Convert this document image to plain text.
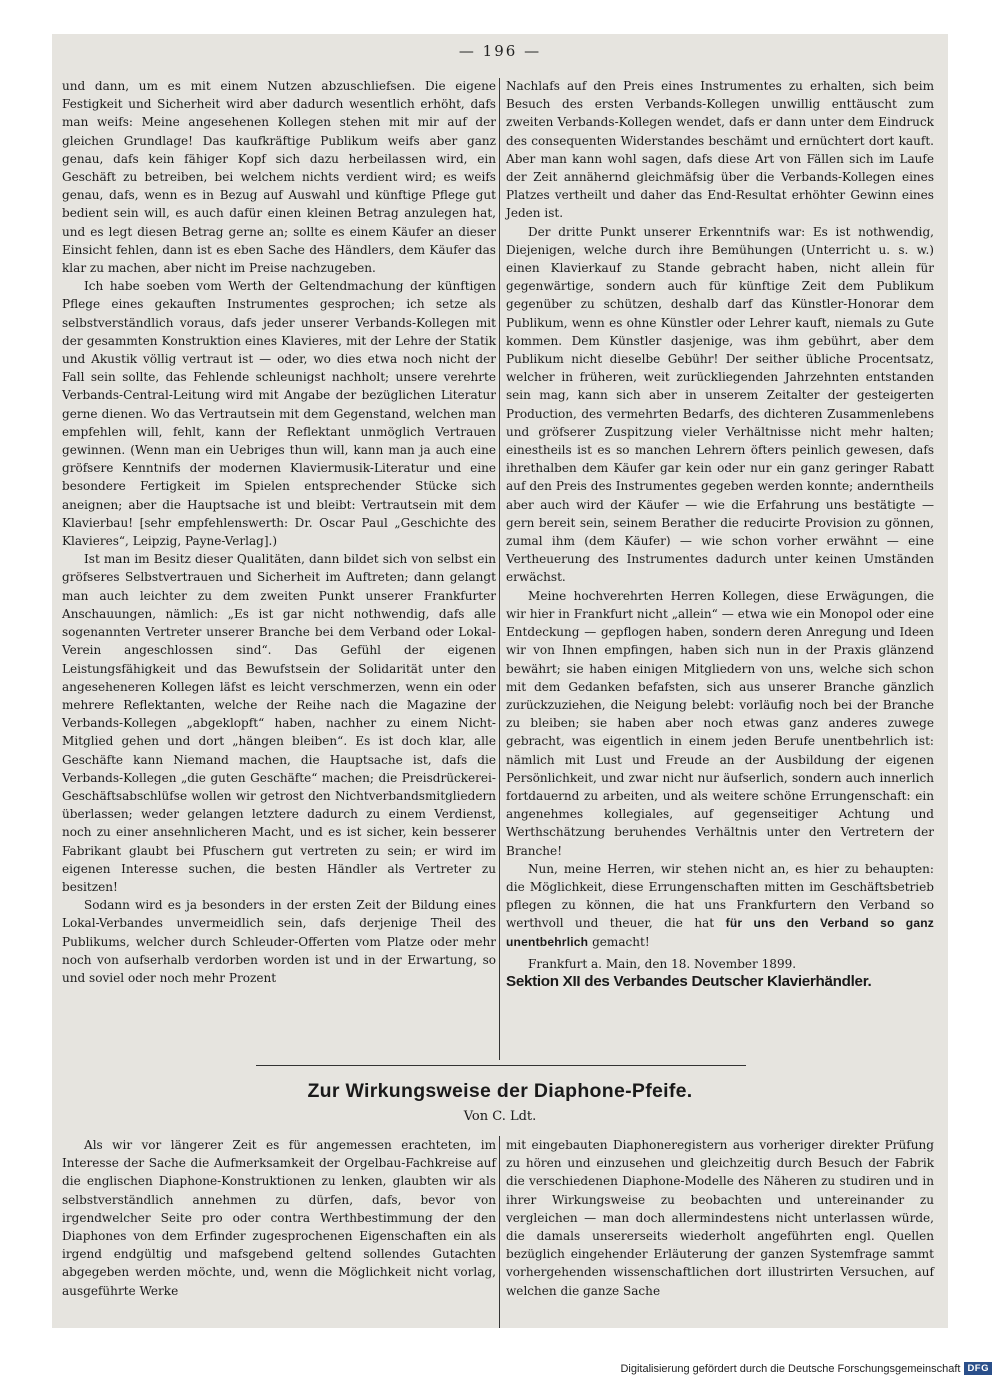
— 196 —

und dann, um es mit einem Nutzen abzuschliefsen. Die eigene Festigkeit und Sicherheit wird aber dadurch wesentlich erhöht, dafs man weifs: Meine angesehenen Kollegen stehen mit mir auf der gleichen Grundlage! Das kaufkräftige Publikum weifs aber ganz genau, dafs kein fähiger Kopf sich dazu herbeilassen wird, ein Geschäft zu betreiben, bei welchem nichts verdient wird; es weifs genau, dafs, wenn es in Bezug auf Auswahl und künftige Pflege gut bedient sein will, es auch dafür einen kleinen Betrag anzulegen hat, und es legt diesen Betrag gerne an; sollte es einem Käufer an dieser Einsicht fehlen, dann ist es eben Sache des Händlers, dem Käufer das klar zu machen, aber nicht im Preise nachzugeben.

Ich habe soeben vom Werth der Geltendmachung der künftigen Pflege eines gekauften Instrumentes gesprochen; ich setze als selbstverständlich voraus, dafs jeder unserer Verbands-Kollegen mit der gesammten Konstruktion eines Klavieres, mit der Lehre der Statik und Akustik völlig vertraut ist — oder, wo dies etwa noch nicht der Fall sein sollte, das Fehlende schleunigst nachholt; unsere verehrte Verbands-Central-Leitung wird mit Angabe der bezüglichen Literatur gerne dienen. Wo das Vertrautsein mit dem Gegenstand, welchen man empfehlen will, fehlt, kann der Reflektant unmöglich Vertrauen gewinnen. (Wenn man ein Uebriges thun will, kann man ja auch eine gröfsere Kenntnifs der modernen Klaviermusik-Literatur und eine besondere Fertigkeit im Spielen entsprechender Stücke sich aneignen; aber die Hauptsache ist und bleibt: Vertrautsein mit dem Klavierbau! [sehr empfehlenswerth: Dr. Oscar Paul „Geschichte des Klavieres“, Leipzig, Payne-Verlag].)

Ist man im Besitz dieser Qualitäten, dann bildet sich von selbst ein gröfseres Selbstvertrauen und Sicherheit im Auftreten; dann gelangt man auch leichter zu dem zweiten Punkt unserer Frankfurter Anschauungen, nämlich: „Es ist gar nicht nothwendig, dafs alle sogenannten Vertreter unserer Branche bei dem Verband oder Lokal-Verein angeschlossen sind“. Das Gefühl der eigenen Leistungsfähigkeit und das Bewufstsein der Solidarität unter den angeseheneren Kollegen läfst es leicht verschmerzen, wenn ein oder mehrere Reflektanten, welche der Reihe nach die Magazine der Verbands-Kollegen „abgeklopft“ haben, nachher zu einem Nicht-Mitglied gehen und dort „hängen bleiben“. Es ist doch klar, alle Geschäfte kann Niemand machen, die Hauptsache ist, dafs die Verbands-Kollegen „die guten Geschäfte“ machen; die Preisdrückerei-Geschäftsabschlüfse wollen wir getrost den Nichtverbandsmitgliedern überlassen; weder gelangen letztere dadurch zu einem Verdienst, noch zu einer ansehnlicheren Macht, und es ist sicher, kein besserer Fabrikant glaubt bei Pfuschern gut vertreten zu sein; er wird im eigenen Interesse suchen, die besten Händler als Vertreter zu besitzen!

Sodann wird es ja besonders in der ersten Zeit der Bildung eines Lokal-Verbandes unvermeidlich sein, dafs derjenige Theil des Publikums, welcher durch Schleuder-Offerten vom Platze oder mehr noch von aufserhalb verdorben worden ist und in der Erwartung, so und soviel oder noch mehr Prozent

Nachlafs auf den Preis eines Instrumentes zu erhalten, sich beim Besuch des ersten Verbands-Kollegen unwillig enttäuscht zum zweiten Verbands-Kollegen wendet, dafs er dann unter dem Eindruck des consequenten Widerstandes beschämt und ernüchtert dort kauft. Aber man kann wohl sagen, dafs diese Art von Fällen sich im Laufe der Zeit annähernd gleichmäfsig über die Verbands-Kollegen eines Platzes vertheilt und daher das End-Resultat erhöhter Gewinn eines Jeden ist.

Der dritte Punkt unserer Erkenntnifs war: Es ist nothwendig, Diejenigen, welche durch ihre Bemühungen (Unterricht u. s. w.) einen Klavierkauf zu Stande gebracht haben, nicht allein für gegenwärtige, sondern auch für künftige Zeit dem Publikum gegenüber zu schützen, deshalb darf das Künstler-Honorar dem Publikum, wenn es ohne Künstler oder Lehrer kauft, niemals zu Gute kommen. Dem Künstler dasjenige, was ihm gebührt, aber dem Publikum nicht dieselbe Gebühr! Der seither übliche Procentsatz, welcher in früheren, weit zurückliegenden Jahrzehnten entstanden sein mag, kann sich aber in unserem Zeitalter der gesteigerten Production, des vermehrten Bedarfs, des dichteren Zusammenlebens und gröfserer Zuspitzung vieler Verhältnisse nicht mehr halten; einestheils ist es so manchen Lehrern öfters peinlich gewesen, dafs ihrethalben dem Käufer gar kein oder nur ein ganz geringer Rabatt auf den Preis des Instrumentes gegeben werden konnte; anderntheils aber auch wird der Käufer — wie die Erfahrung uns bestätigte — gern bereit sein, seinem Berather die reducirte Provision zu gönnen, zumal ihm (dem Käufer) — wie schon vorher erwähnt — eine Vertheuerung des Instrumentes dadurch unter keinen Umständen erwächst.

Meine hochverehrten Herren Kollegen, diese Erwägungen, die wir hier in Frankfurt nicht „allein“ — etwa wie ein Monopol oder eine Entdeckung — gepflogen haben, sondern deren Anregung und Ideen wir von Ihnen empfingen, haben sich nun in der Praxis glänzend bewährt; sie haben einigen Mitgliedern von uns, welche sich schon mit dem Gedanken befafsten, sich aus unserer Branche gänzlich zurückzuziehen, die Neigung belebt: vorläufig noch bei der Branche zu bleiben; sie haben aber noch etwas ganz anderes zuwege gebracht, was eigentlich in einem jeden Berufe unentbehrlich ist: nämlich mit Lust und Freude an der Ausbildung der eigenen Persönlichkeit, und zwar nicht nur äufserlich, sondern auch innerlich fortdauernd zu arbeiten, und als weitere schöne Errungenschaft: ein angenehmes kollegiales, auf gegenseitiger Achtung und Werthschätzung beruhendes Verhältnis unter den Vertretern der Branche!

Nun, meine Herren, wir stehen nicht an, es hier zu behaupten: die Möglichkeit, diese Errungenschaften mitten im Geschäftsbetrieb pflegen zu können, die hat uns Frankfurtern den Verband so werthvoll und theuer, die hat für uns den Verband so ganz unentbehrlich gemacht!

Frankfurt a. Main, den 18. November 1899.

Sektion XII des Verbandes Deutscher Klavierhändler.

Zur Wirkungsweise der Diaphone-Pfeife.
Von C. Ldt.

Als wir vor längerer Zeit es für angemessen erachteten, im Interesse der Sache die Aufmerksamkeit der Orgelbau-Fachkreise auf die englischen Diaphone-Konstruktionen zu lenken, glaubten wir als selbstverständlich annehmen zu dürfen, dafs, bevor von irgendwelcher Seite pro oder contra Werthbestimmung der den Diaphones von dem Erfinder zugesprochenen Eigenschaften ein als irgend endgültig und mafsgebend geltend sollendes Gutachten abgegeben werden möchte, und, wenn die Möglichkeit nicht vorlag, ausgeführte Werke

mit eingebauten Diaphoneregistern aus vorheriger direkter Prüfung zu hören und einzusehen und gleichzeitig durch Besuch der Fabrik die verschiedenen Diaphone-Modelle des Näheren zu studiren und in ihrer Wirkungsweise zu beobachten und untereinander zu vergleichen — man doch allermindestens nicht unterlassen würde, die damals unsererseits wiederholt angeführten engl. Quellen bezüglich eingehender Erläuterung der ganzen Systemfrage sammt vorhergehenden wissenschaftlichen dort illustrirten Versuchen, auf welchen die ganze Sache

Digitalisierung gefördert durch die Deutsche Forschungsgemeinschaft DFG
